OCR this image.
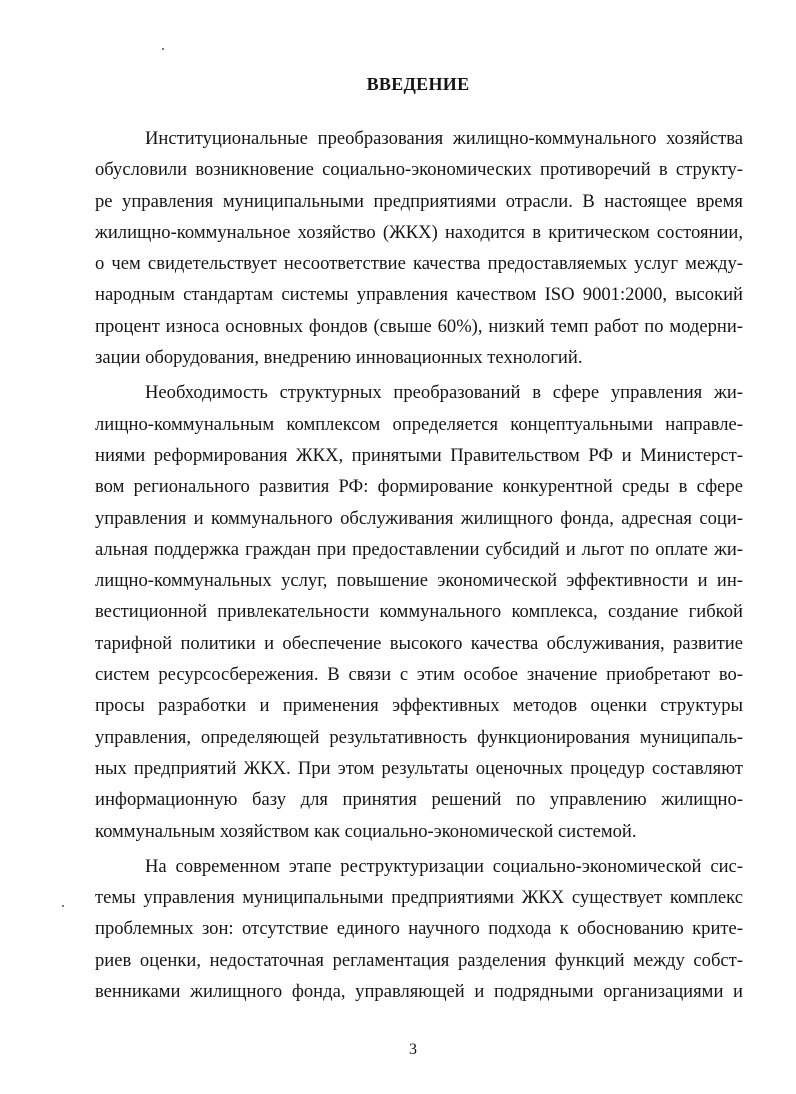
ВВЕДЕНИЕ
Институциональные преобразования жилищно-коммунального хозяйства
обусловили возникновение социально-экономических противоречий в структу-
ре управления муниципальными предприятиями отрасли. В настоящее время
жилищно-коммунальное хозяйство (ЖКХ) находится в критическом состоянии,
о чем свидетельствует несоответствие качества предоставляемых услуг между-
народным стандартам системы управления качеством ISO 9001:2000, высокий
процент износа основных фондов (свыше 60%), низкий темп работ по модерни-
зации оборудования, внедрению инновационных технологий.
Необходимость структурных преобразований в сфере управления жи-
лищно-коммунальным комплексом определяется концептуальными направле-
ниями реформирования ЖКХ, принятыми Правительством РФ и Министерст-
вом регионального развития РФ: формирование конкурентной среды в сфере
управления и коммунального обслуживания жилищного фонда, адресная соци-
альная поддержка граждан при предоставлении субсидий и льгот по оплате жи-
лищно-коммунальных услуг, повышение экономической эффективности и ин-
вестиционной привлекательности коммунального комплекса, создание гибкой
тарифной политики и обеспечение высокого качества обслуживания, развитие
систем ресурсосбережения. В связи с этим особое значение приобретают во-
просы разработки и применения эффективных методов оценки структуры
управления, определяющей результативность функционирования муниципаль-
ных предприятий ЖКХ. При этом результаты оценочных процедур составляют
информационную базу для принятия решений по управлению жилищно-
коммунальным хозяйством как социально-экономической системой.
На современном этапе реструктуризации социально-экономической сис-
темы управления муниципальными предприятиями ЖКХ существует комплекс
проблемных зон: отсутствие единого научного подхода к обоснованию крите-
риев оценки, недостаточная регламентация разделения функций между собст-
венниками жилищного фонда, управляющей и подрядными организациями и
3
